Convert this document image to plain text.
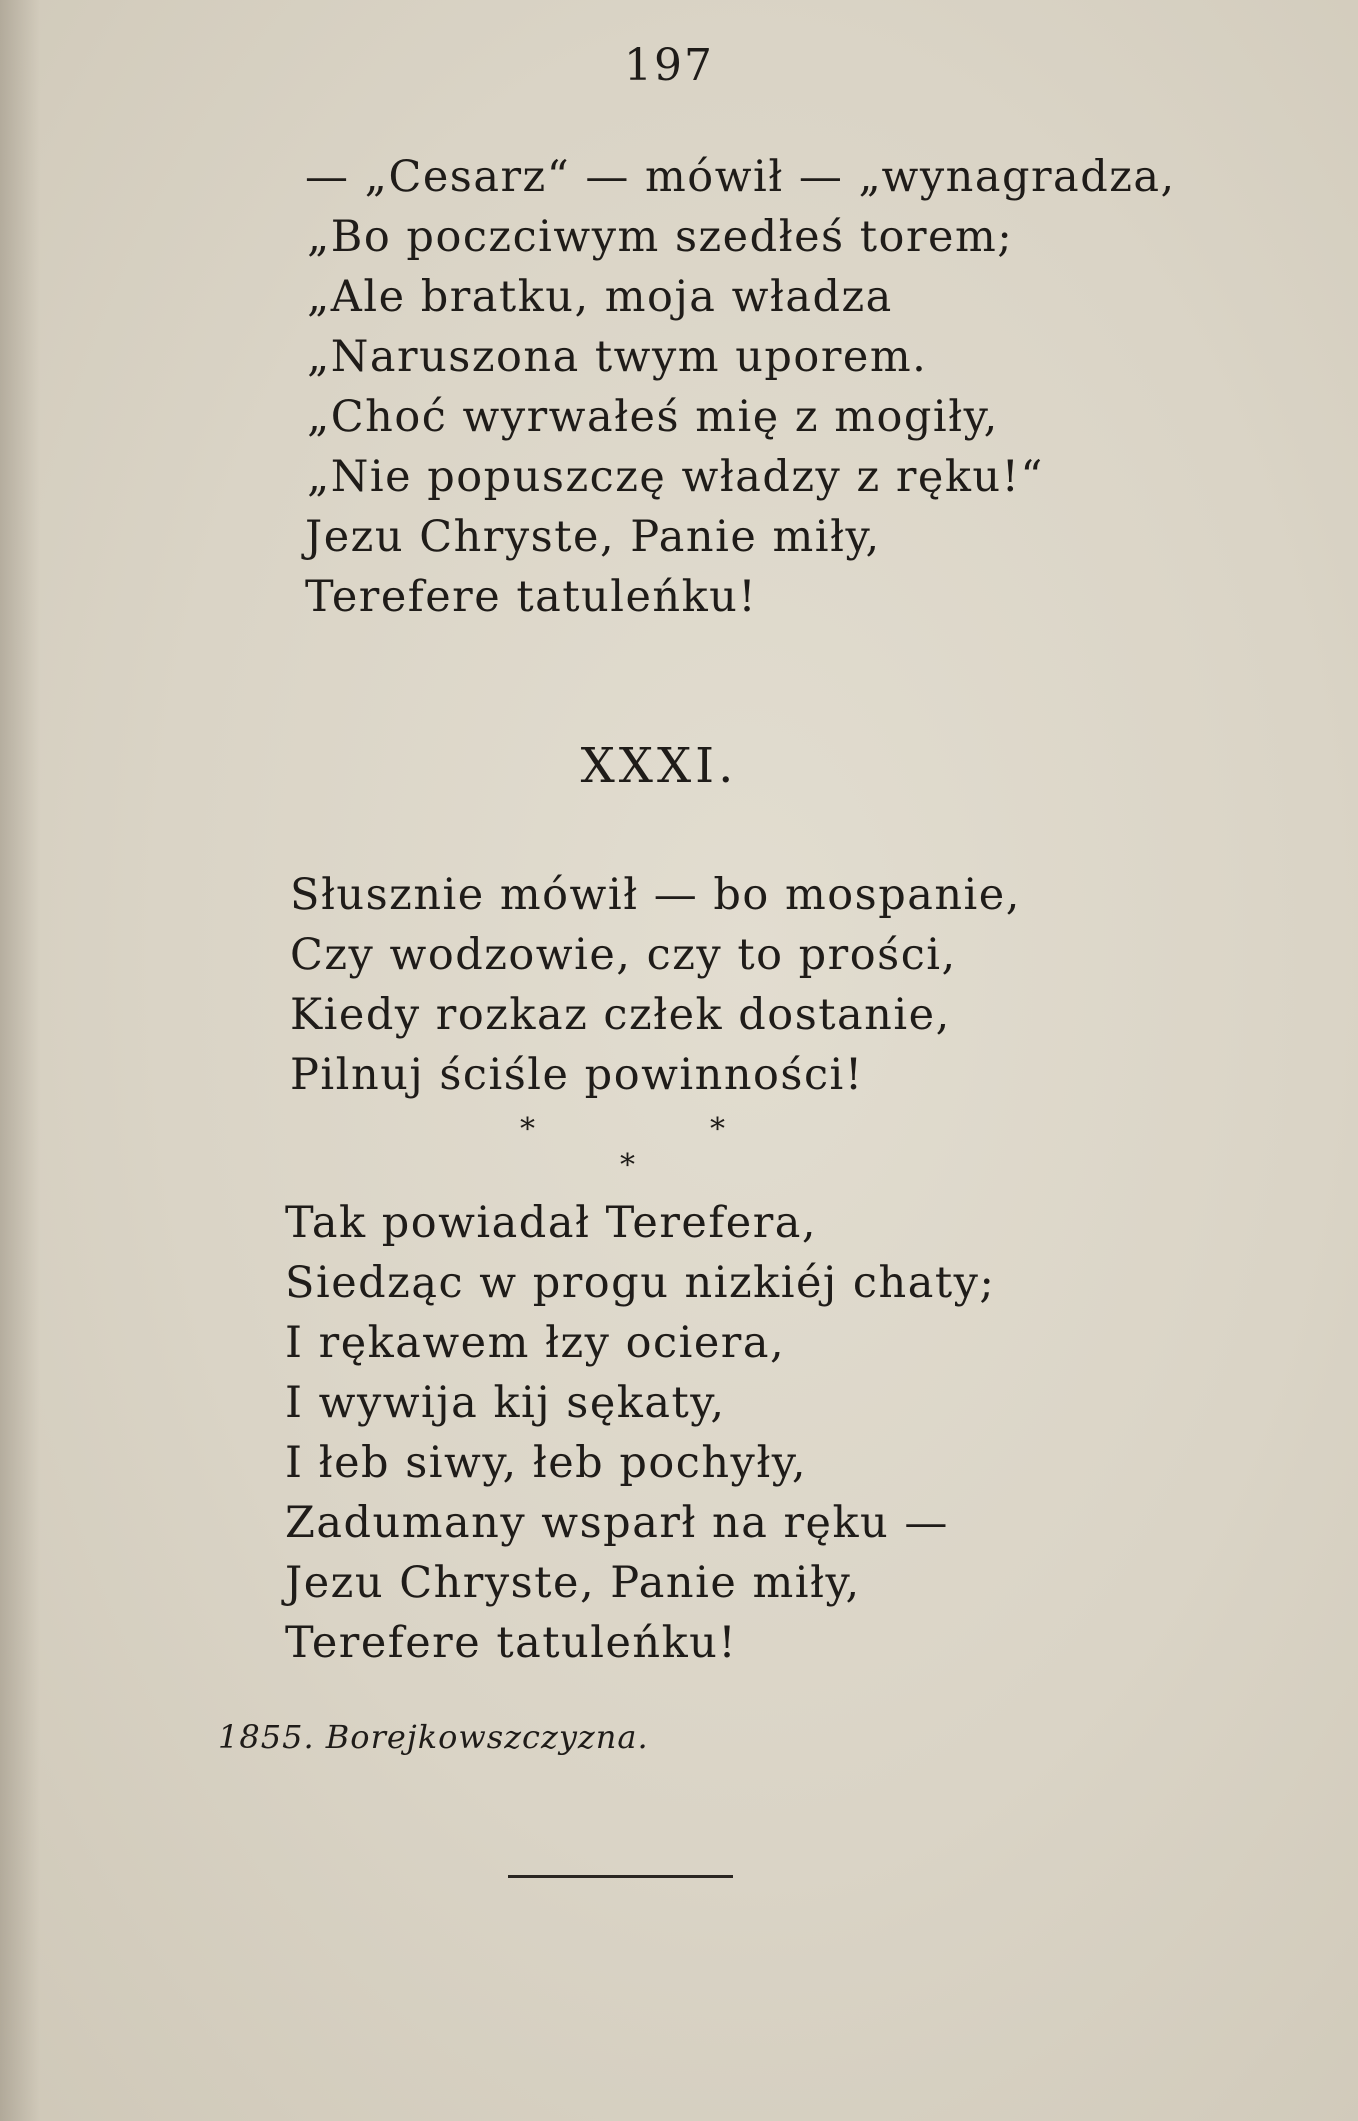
197
— „Cesarz“ — mówił — „wynagradza,
„Bo poczciwym szedłeś torem;
„Ale bratku, moja władza
„Naruszona twym uporem.
„Choć wyrwałeś mię z mogiły,
„Nie popuszczę władzy z ręku!“
Jezu Chryste, Panie miły,
Terefere tatuleńku!
XXXI.
Słusznie mówił — bo mospanie,
Czy wodzowie, czy to prości,
Kiedy rozkaz człek dostanie,
Pilnuj ściśle powinności!
*	*
*
Tak powiadał Terefera,
Siedząc w progu nizkiéj chaty;
I rękawem łzy ociera,
I wywija kij sękaty,
I łeb siwy, łeb pochyły,
Zadumany wsparł na ręku —
Jezu Chryste, Panie miły,
Terefere tatuleńku!
1855. Borejkowszczyzna.
